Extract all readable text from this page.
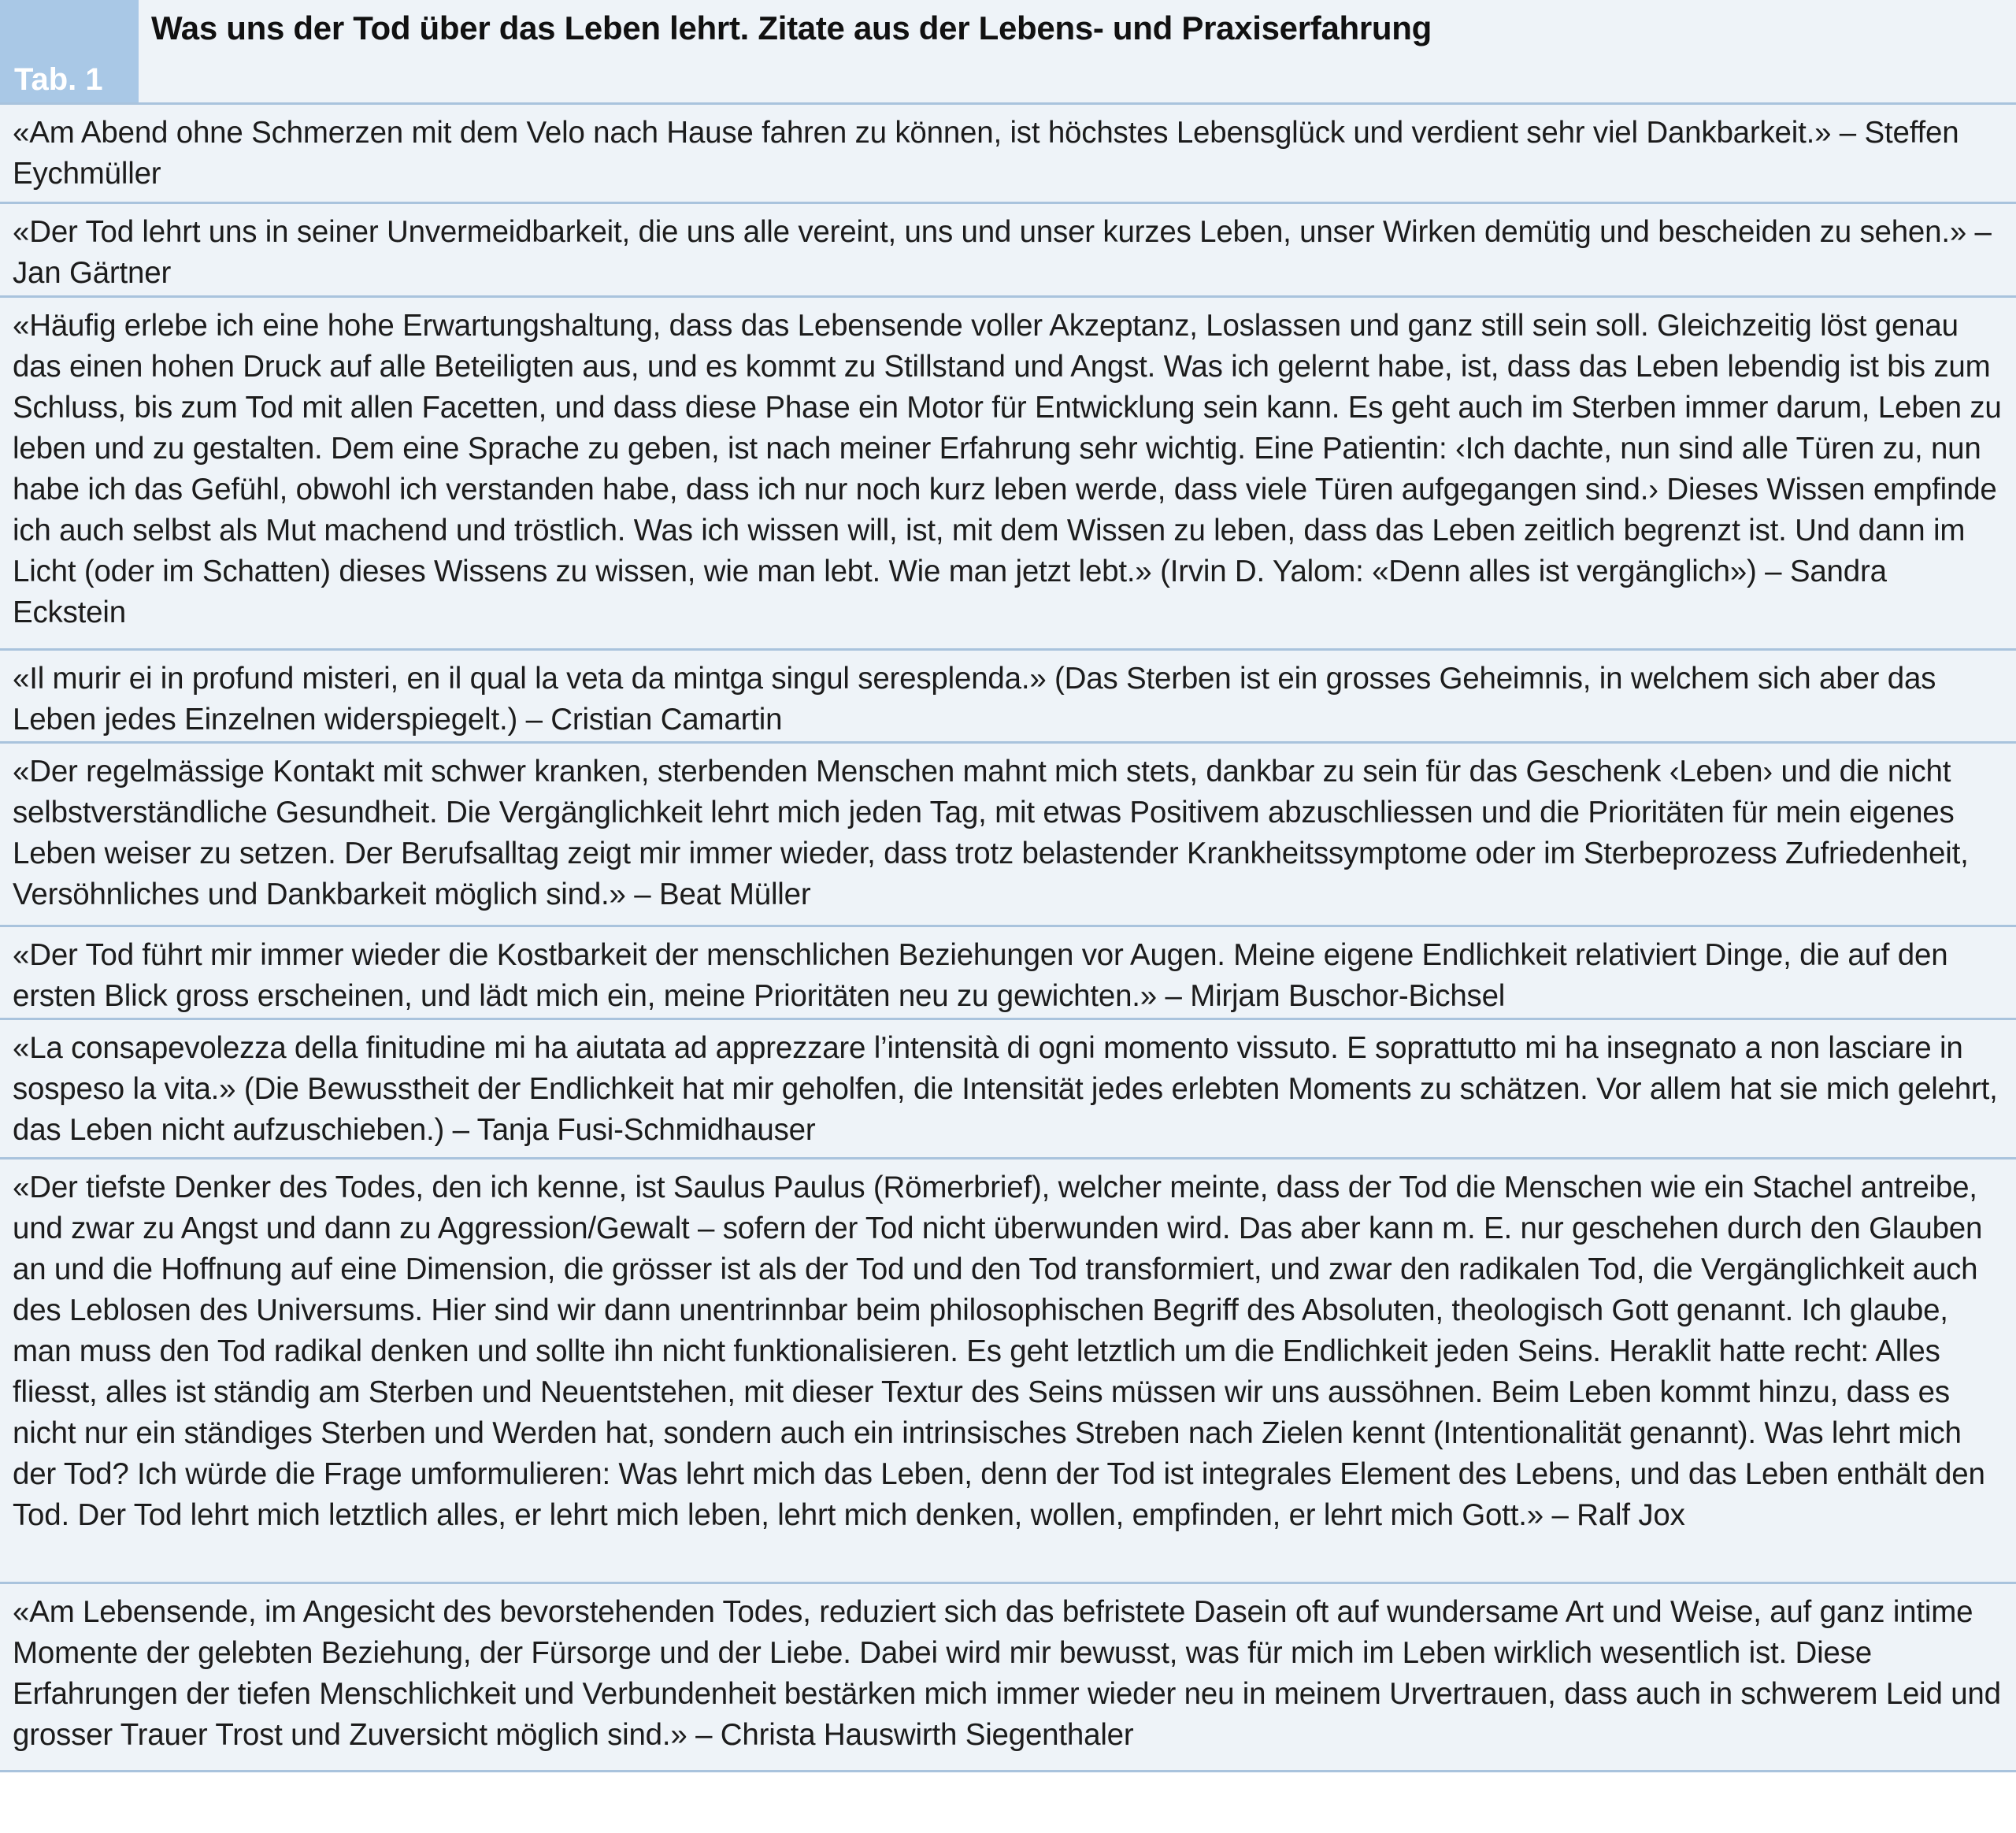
Tab. 1
Was uns der Tod über das Leben lehrt. Zitate aus der Lebens- und Praxiserfahrung
«Am Abend ohne Schmerzen mit dem Velo nach Hause fahren zu können, ist höchstes Lebensglück und verdient sehr viel Dankbarkeit.» – Steffen Eychmüller
«Der Tod lehrt uns in seiner Unvermeidbarkeit, die uns alle vereint, uns und unser kurzes Leben, unser Wirken demütig und bescheiden zu sehen.» – Jan Gärtner
«Häufig erlebe ich eine hohe Erwartungshaltung, dass das Lebensende voller Akzeptanz, Loslassen und ganz still sein soll. Gleichzeitig löst genau das einen hohen Druck auf alle Beteiligten aus, und es kommt zu Stillstand und Angst. Was ich gelernt habe, ist, dass das Leben lebendig ist bis zum Schluss, bis zum Tod mit allen Facetten, und dass diese Phase ein Motor für Entwicklung sein kann. Es geht auch im Sterben immer darum, Leben zu leben und zu gestalten. Dem eine Sprache zu geben, ist nach meiner Erfahrung sehr wichtig. Eine Patientin: ‹Ich dachte, nun sind alle Türen zu, nun habe ich das Gefühl, obwohl ich verstanden habe, dass ich nur noch kurz leben werde, dass viele Türen aufgegangen sind.› Dieses Wissen empfinde ich auch selbst als Mut machend und tröstlich. Was ich wissen will, ist, mit dem Wissen zu leben, dass das Leben zeitlich begrenzt ist. Und dann im Licht (oder im Schatten) dieses Wissens zu wissen, wie man lebt. Wie man jetzt lebt.» (Irvin D. Yalom: «Denn alles ist vergänglich») – Sandra Eckstein
«Il murir ei in profund misteri, en il qual la veta da mintga singul seresplenda.» (Das Sterben ist ein grosses Geheimnis, in welchem sich aber das Leben jedes Einzelnen widerspiegelt.) – Cristian Camartin
«Der regelmässige Kontakt mit schwer kranken, sterbenden Menschen mahnt mich stets, dankbar zu sein für das Geschenk ‹Leben› und die nicht selbstverständliche Gesundheit. Die Vergänglichkeit lehrt mich jeden Tag, mit etwas Positivem abzuschliessen und die Prioritäten für mein eigenes Leben weiser zu setzen. Der Berufsalltag zeigt mir immer wieder, dass trotz belastender Krankheitssymptome oder im Sterbeprozess Zufriedenheit, Versöhnliches und Dankbarkeit möglich sind.» – Beat Müller
«Der Tod führt mir immer wieder die Kostbarkeit der menschlichen Beziehungen vor Augen. Meine eigene Endlichkeit relativiert Dinge, die auf den ersten Blick gross erscheinen, und lädt mich ein, meine Prioritäten neu zu gewichten.» – Mirjam Buschor-Bichsel
«La consapevolezza della finitudine mi ha aiutata ad apprezzare l’intensità di ogni momento vissuto. E soprattutto mi ha insegnato a non lasciare in sospeso la vita.» (Die Bewusstheit der Endlichkeit hat mir geholfen, die Intensität jedes erlebten Moments zu schätzen. Vor allem hat sie mich gelehrt, das Leben nicht aufzuschieben.) – Tanja Fusi-Schmidhauser
«Der tiefste Denker des Todes, den ich kenne, ist Saulus Paulus (Römerbrief), welcher meinte, dass der Tod die Menschen wie ein Stachel antreibe, und zwar zu Angst und dann zu Aggression/Gewalt – sofern der Tod nicht überwunden wird. Das aber kann m. E. nur geschehen durch den Glauben an und die Hoffnung auf eine Dimension, die grösser ist als der Tod und den Tod transformiert, und zwar den radikalen Tod, die Vergänglichkeit auch des Leblosen des Universums. Hier sind wir dann unentrinnbar beim philosophischen Begriff des Absoluten, theologisch Gott genannt. Ich glaube, man muss den Tod radikal denken und sollte ihn nicht funktionalisieren. Es geht letztlich um die Endlichkeit jeden Seins. Heraklit hatte recht: Alles fliesst, alles ist ständig am Sterben und Neuentstehen, mit dieser Textur des Seins müssen wir uns aussöhnen. Beim Leben kommt hinzu, dass es nicht nur ein ständiges Sterben und Werden hat, sondern auch ein intrinsisches Streben nach Zielen kennt (Intentionalität genannt). Was lehrt mich der Tod? Ich würde die Frage umformulieren: Was lehrt mich das Leben, denn der Tod ist integrales Element des Lebens, und das Leben enthält den Tod. Der Tod lehrt mich letztlich alles, er lehrt mich leben, lehrt mich denken, wollen, empfinden, er lehrt mich Gott.» – Ralf Jox
«Am Lebensende, im Angesicht des bevorstehenden Todes, reduziert sich das befristete Dasein oft auf wundersame Art und Weise, auf ganz intime Momente der gelebten Beziehung, der Fürsorge und der Liebe. Dabei wird mir bewusst, was für mich im Leben wirklich wesentlich ist. Diese Erfahrungen der tiefen Menschlichkeit und Verbundenheit bestärken mich immer wieder neu in meinem Urvertrauen, dass auch in schwerem Leid und grosser Trauer Trost und Zuversicht möglich sind.» – Christa Hauswirth Siegenthaler
